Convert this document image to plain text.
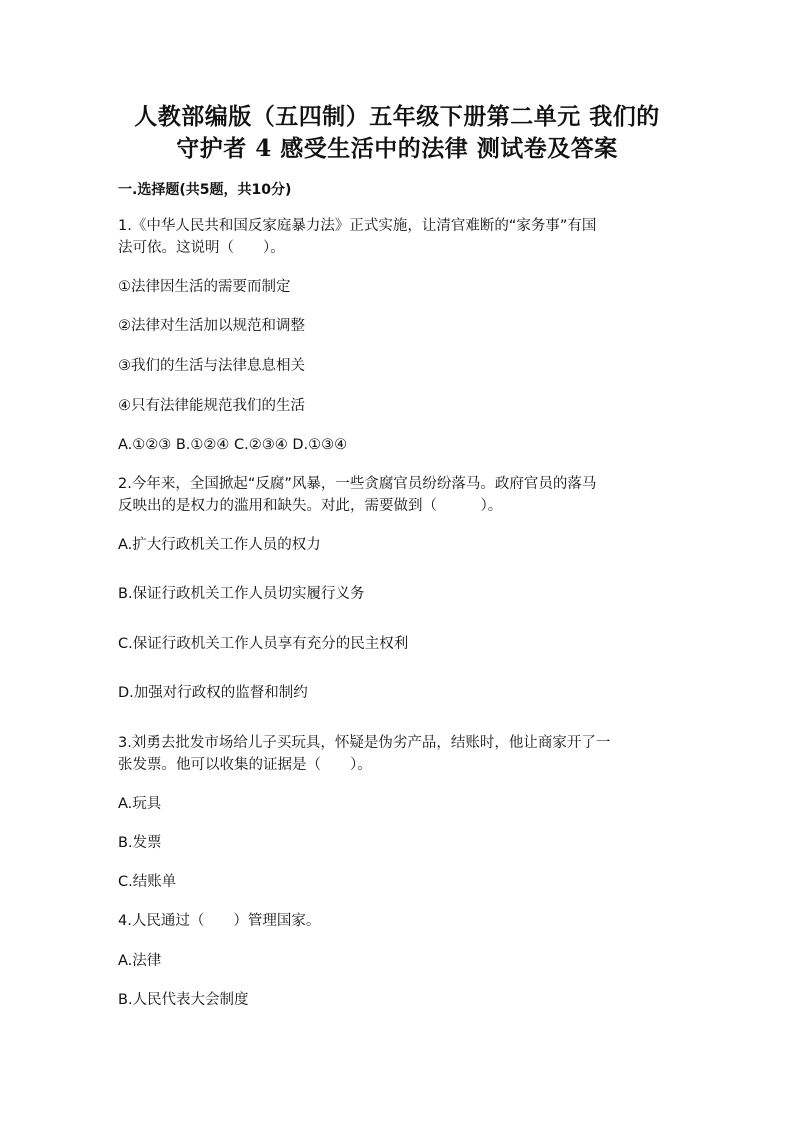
人教部编版（五四制）五年级下册第二单元 我们的
守护者 4 感受生活中的法律 测试卷及答案
一.选择题(共5题，共10分)
1.《中华人民共和国反家庭暴力法》正式实施，让清官难断的“家务事”有国
法可依。这说明（　　）。
①法律因生活的需要而制定
②法律对生活加以规范和调整
③我们的生活与法律息息相关
④只有法律能规范我们的生活
A.①②③ B.①②④ C.②③④ D.①③④
2.今年来，全国掀起“反腐”风暴，一些贪腐官员纷纷落马。政府官员的落马
反映出的是权力的滥用和缺失。对此，需要做到（　　　）。
A.扩大行政机关工作人员的权力
B.保证行政机关工作人员切实履行义务
C.保证行政机关工作人员享有充分的民主权利
D.加强对行政权的监督和制约
3.刘勇去批发市场给儿子买玩具，怀疑是伪劣产品，结账时，他让商家开了一
张发票。他可以收集的证据是（　　）。
A.玩具
B.发票
C.结账单
4.人民通过（　　）管理国家。
A.法律
B.人民代表大会制度
